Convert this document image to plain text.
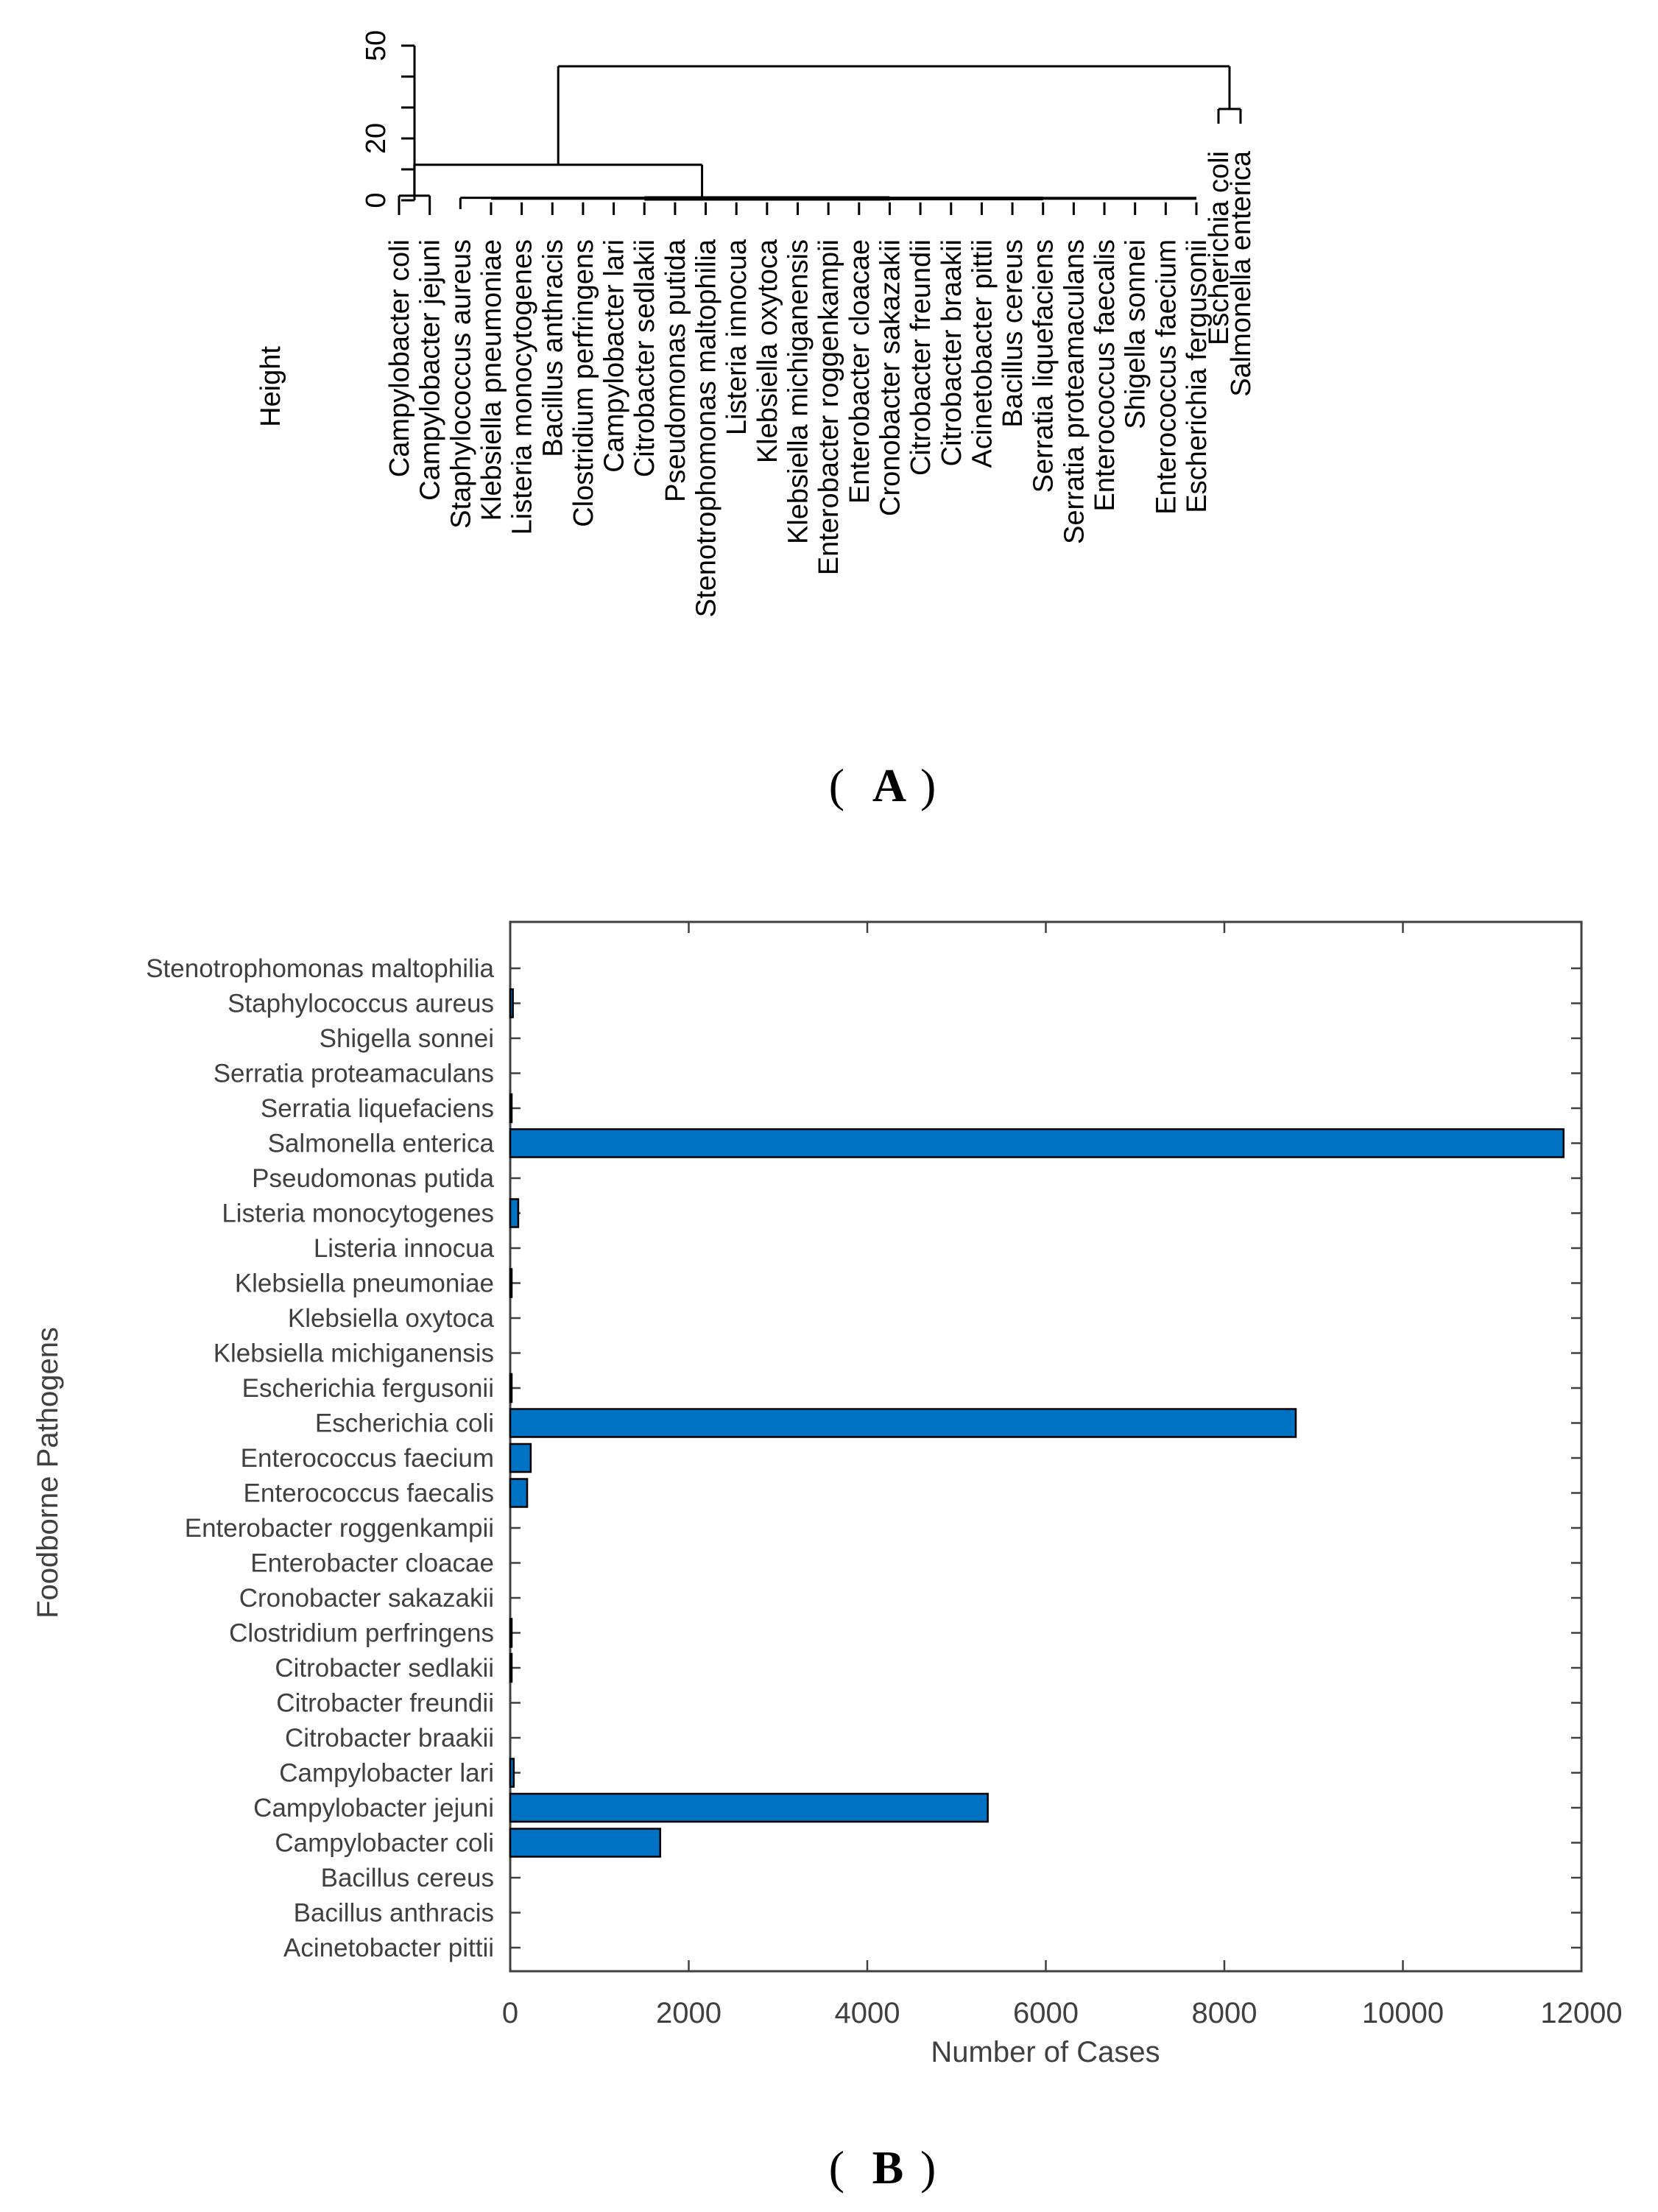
Height
0
20
50
Campylobacter coli Campylobacter jejuni Staphylococcus aureus Klebsiella pneumoniae Listeria monocytogenes Bacillus anthracis Clostridium perfringens Campylobacter lari Citrobacter sedlakii Pseudomonas putida Stenotrophomonas maltophilia Listeria innocua Klebsiella oxytoca Klebsiella michiganensis Enterobacter roggenkampii Enterobacter cloacae Cronobacter sakazakii Citrobacter freundii Citrobacter braakii Acinetobacter pittii Bacillus cereus Serratia liquefaciens Serratia proteamaculans Enterococcus faecalis Shigella sonnei Enterococcus faecium Escherichia fergusonii
Escherichia coli
Salmonella enterica
( A )
Foodborne Pathogens
Stenotrophomonas maltophilia
Staphylococcus aureus
Shigella sonnei
Serratia proteamaculans
Serratia liquefaciens
Salmonella enterica
Pseudomonas putida
Listeria monocytogenes
Listeria innocua
Klebsiella pneumoniae
Klebsiella oxytoca
Klebsiella michiganensis
Escherichia fergusonii
Escherichia coli
Enterococcus faecium
Enterococcus faecalis
Enterobacter roggenkampii
Enterobacter cloacae
Cronobacter sakazakii
Clostridium perfringens
Citrobacter sedlakii
Citrobacter freundii
Citrobacter braakii
Campylobacter lari
Campylobacter jejuni
Campylobacter coli
Bacillus cereus
Bacillus anthracis
Acinetobacter pittii
0	2000	4000	6000	8000	10000	12000
Number of Cases
( B )
